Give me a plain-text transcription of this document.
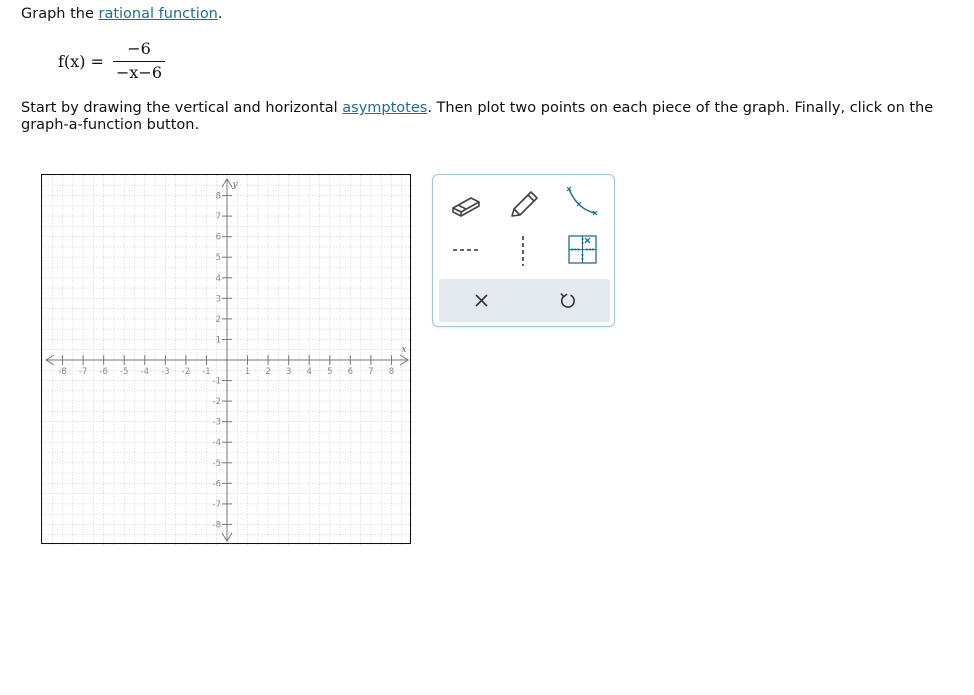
Graph the rational function.
f(x) =
−6
−x−6
Start by drawing the vertical and horizontal asymptotes. Then plot two points on each piece of the graph. Finally, click on the graph-a-function button.
-8 -7 -6 -5 -4 -3 -2 -1	1 2 3 4 5 6 7 8
8
7
6
5
4
3
2
1
-1
-2
-3
-4
-5
-6
-7
-8
x
y
